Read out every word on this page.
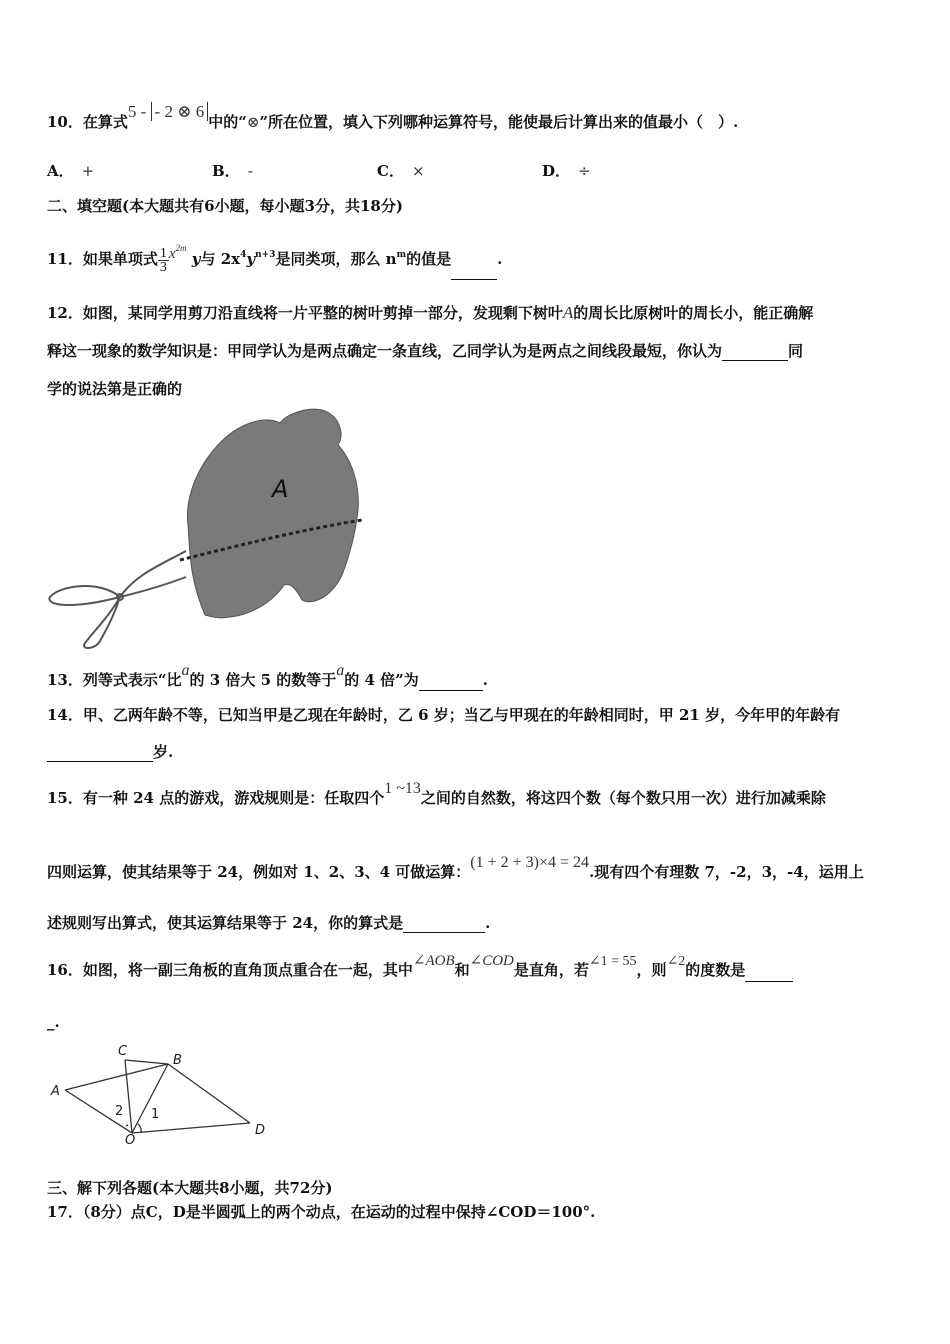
10．在算式5 - - 2 ⊗ 6中的“⊗”所在位置，填入下列哪种运算符号，能使最后计算出来的值最小（　）.
A． +	B． -	C． ×	D． ÷
二、填空题(本大题共有6小题，每小题3分，共18分)
11．如果单项式 $\frac{1}{3} x^{2m}$ y与 $2x^4y^{n+3}$是同类项，那么 $n^m$的值是	.
12．如图，某同学用剪刀沿直线将一片平整的树叶剪掉一部分，发现剩下树叶A的周长比原树叶的周长小，能正确解
释这一现象的数学知识是：甲同学认为是两点确定一条直线，乙同学认为是两点之间线段最短，你认为	同
学的说法第是正确的
A
13．列等式表示“比a的 3 倍大 5 的数等于a的 4 倍”为	.
14．甲、乙两年龄不等，已知当甲是乙现在年龄时，乙 6 岁；当乙与甲现在的年龄相同时，甲 21 岁，今年甲的年龄有
岁.
15．有一种 24 点的游戏，游戏规则是：任取四个1 ~13之间的自然数，将这四个数（每个数只用一次）进行加减乘除
四则运算，使其结果等于 24，例如对 1、2、3、4 可做运算：(1 + 2 + 3)×4 = 24.现有四个有理数 7，-2，3，-4，运用上
述规则写出算式，使其运算结果等于 24，你的算式是	.
16．如图，将一副三角板的直角顶点重合在一起，其中∠AOB和∠COD是直角，若∠1 = 55，则∠2的度数是
_.
C
B
A
2 1
O
D
三、解下列各题(本大题共8小题，共72分)
17．（8分）点C，D是半圆弧上的两个动点，在运动的过程中保持∠COD＝100°.
